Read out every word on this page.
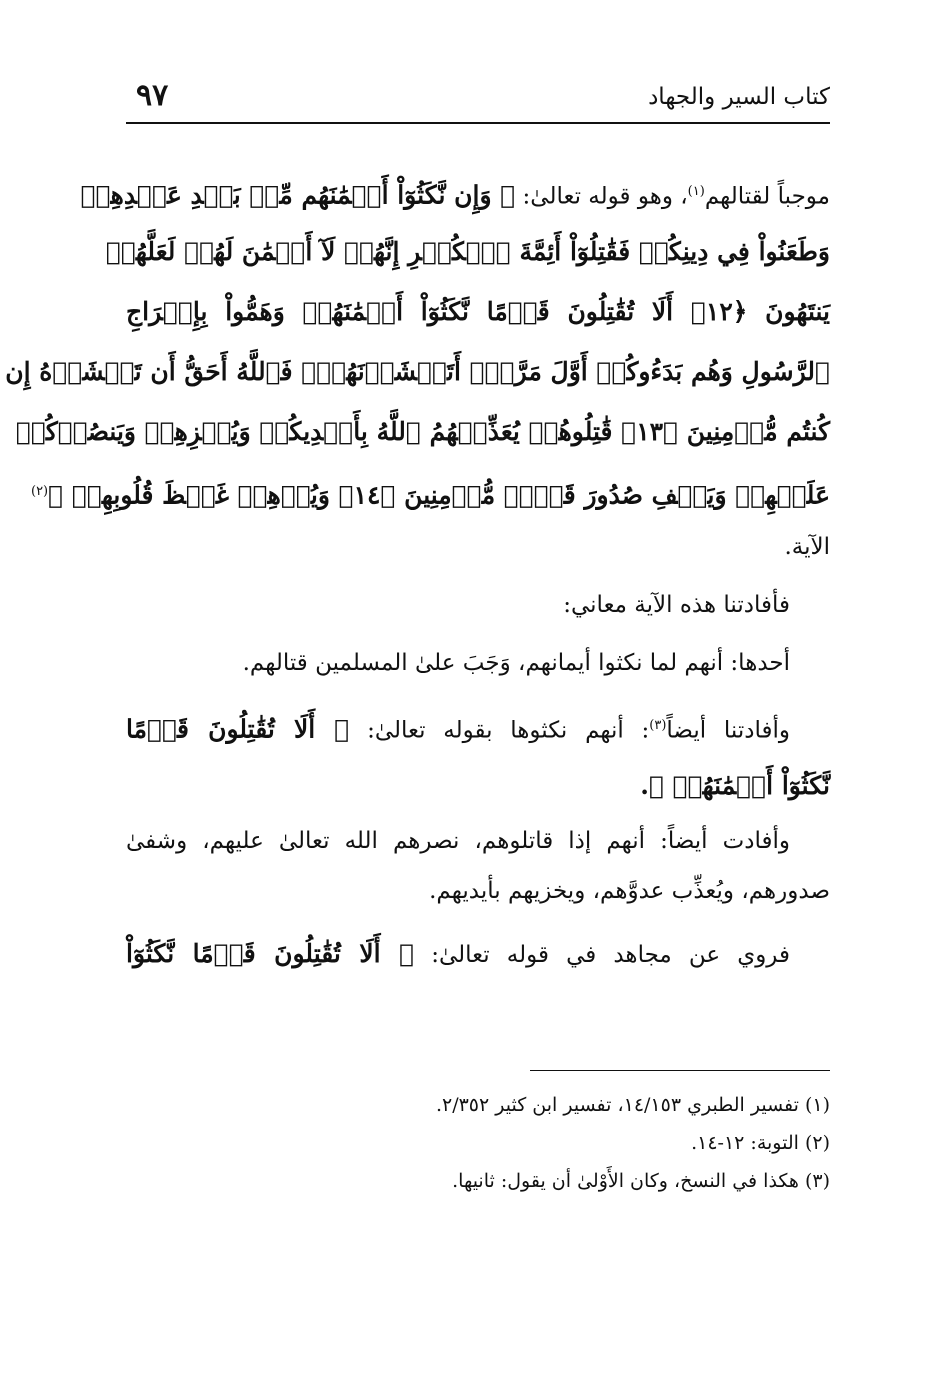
كتاب السير والجهاد
٩٧
موجباً لقتالهم$^{(١)}$، وهو قوله تعالىٰ: ﴿ وَإِن نَّكَثُوٓاْ أَيۡمَٰنَهُم مِّنۢ بَعۡدِ عَهۡدِهِمۡ
وَطَعَنُواْ فِي دِينِكُمۡ فَقَٰتِلُوٓاْ أَئِمَّةَ ٱلۡكُفۡرِ إِنَّهُمۡ لَآ أَيۡمَٰنَ لَهُمۡ لَعَلَّهُمۡ
يَنتَهُونَ ﴿١٢﴾ أَلَا تُقَٰتِلُونَ قَوۡمًا نَّكَثُوٓاْ أَيۡمَٰنَهُمۡ وَهَمُّواْ بِإِخۡرَاجِ
ٱلرَّسُولِ وَهُم بَدَءُوكُمۡ أَوَّلَ مَرَّةٍۚ أَتَخۡشَوۡنَهُمۡۚ فَٱللَّهُ أَحَقُّ أَن تَخۡشَوۡهُ إِن
كُنتُم مُّؤۡمِنِينَ ﴿١٣﴾ قَٰتِلُوهُمۡ يُعَذِّبۡهُمُ ٱللَّهُ بِأَيۡدِيكُمۡ وَيُخۡزِهِمۡ وَيَنصُرۡكُمۡ
عَلَيۡهِمۡ وَيَشۡفِ صُدُورَ قَوۡمٖ مُّؤۡمِنِينَ ﴿١٤﴾ وَيُذۡهِبۡ غَيۡظَ قُلُوبِهِمۡ ﴾$^{(٢)}$
الآية.
فأفادتنا هذه الآية معاني:
أحدها: أنهم لما نكثوا أيمانهم، وَجَبَ علىٰ المسلمين قتالهم.
وأفادتنا أيضاً$^{(٣)}$: أنهم نكثوها بقوله تعالىٰ: ﴿ أَلَا تُقَٰتِلُونَ قَوۡمًا
نَّكَثُوٓاْ أَيۡمَٰنَهُمۡ ﴾.
وأفادت أيضاً: أنهم إذا قاتلوهم، نصرهم الله تعالىٰ عليهم، وشفىٰ
صدورهم، ويُعذِّب عدوَّهم، ويخزيهم بأيديهم.
فروي عن مجاهد في قوله تعالىٰ: ﴿ أَلَا تُقَٰتِلُونَ قَوۡمًا نَّكَثُوٓاْ
(١)تفسير الطبري ١٤/١٥٣، تفسير ابن كثير ٢/٣٥٢.
(٢)التوبة: ١٢-١٤.
(٣)هكذا في النسخ، وكان الأَوْلىٰ أن يقول: ثانيها.
